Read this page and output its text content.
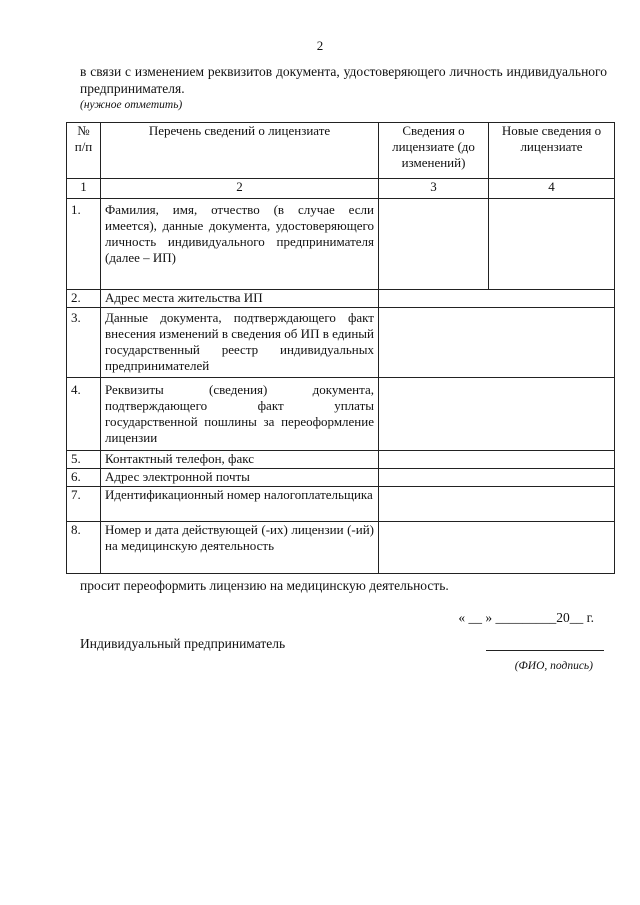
2
в связи с изменением реквизитов документа, удостоверяющего личность индивидуального предпринимателя.
(нужное отметить)
№ п/п	Перечень сведений о лицензиате	Сведения о лицензиате (до изменений)	Новые сведения о лицензиате
1	2	3	4
1.	Фамилия, имя, отчество (в случае если имеется), данные документа, удостоверяющего личность индивидуального предпринимателя (далее – ИП)		
2.	Адрес места жительства ИП		
3.	Данные документа, подтверждающего факт внесения изменений в сведения об ИП в единый государственный реестр индивидуальных предпринимателей		
4.	Реквизиты (сведения) документа, подтверждающего факт уплаты государственной пошлины за переоформление лицензии		
5.	Контактный телефон, факс		
6.	Адрес электронной почты		
7.	Идентификационный номер налогоплательщика		
8.	Номер и дата действующей (-их) лицензии (-ий) на медицинскую деятельность		
просит переоформить лицензию на медицинскую деятельность.
« __ » _________20__ г.
Индивидуальный предприниматель
(ФИО, подпись)
